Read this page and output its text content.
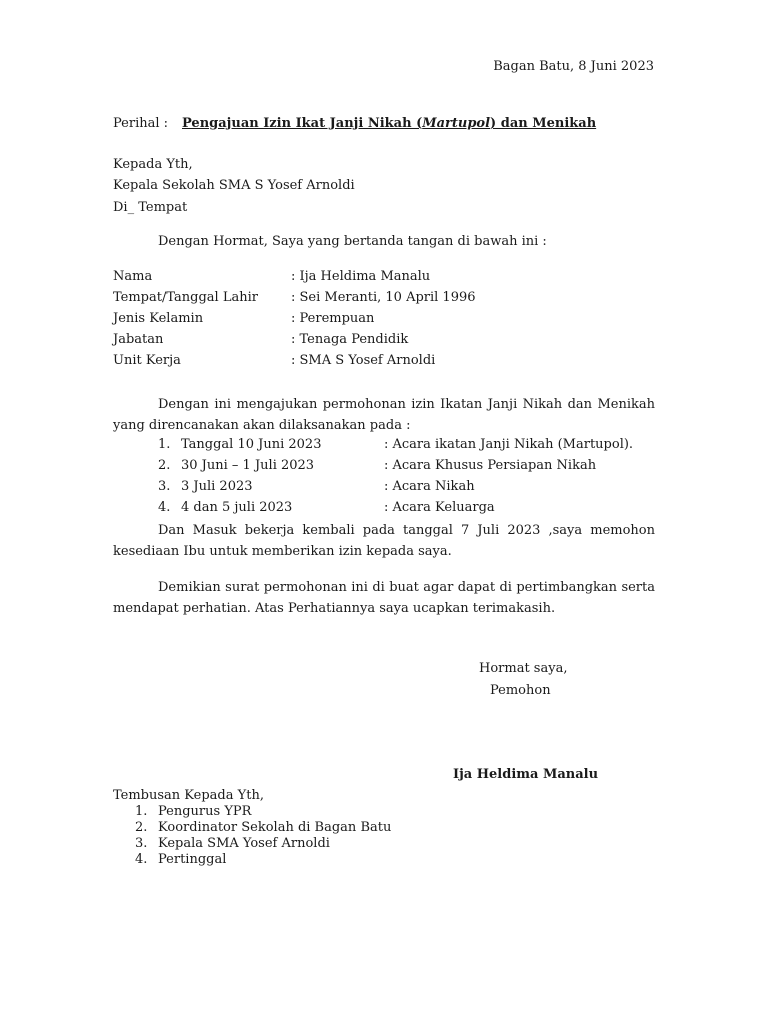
Bagan Batu, 8 Juni 2023
Perihal : Pengajuan Izin Ikat Janji Nikah (Martupol) dan Menikah
Kepada Yth,
Kepala Sekolah SMA S Yosef Arnoldi
Di_ Tempat
Dengan Hormat, Saya yang bertanda tangan di bawah ini :
Nama	: Ija Heldima Manalu
Tempat/Tanggal Lahir	: Sei Meranti, 10 April 1996
Jenis Kelamin	: Perempuan
Jabatan	: Tenaga Pendidik
Unit Kerja	: SMA S Yosef Arnoldi
Dengan ini mengajukan permohonan izin Ikatan Janji Nikah dan Menikah yang direncanakan akan dilaksanakan pada :
1. Tanggal 10 Juni 2023	: Acara ikatan Janji Nikah (Martupol).
2. 30 Juni – 1 Juli 2023	: Acara Khusus Persiapan Nikah
3. 3 Juli 2023	: Acara Nikah
4. 4 dan 5 juli 2023	: Acara Keluarga
Dan Masuk bekerja kembali pada tanggal 7 Juli 2023 ,saya memohon kesediaan Ibu untuk memberikan izin kepada saya.
Demikian surat permohonan ini di buat agar dapat di pertimbangkan serta mendapat perhatian. Atas Perhatiannya saya ucapkan terimakasih.
Hormat saya,
Pemohon
Ija Heldima Manalu
Tembusan Kepada Yth,
1. Pengurus YPR
2. Koordinator Sekolah di Bagan Batu
3. Kepala SMA Yosef Arnoldi
4. Pertinggal
